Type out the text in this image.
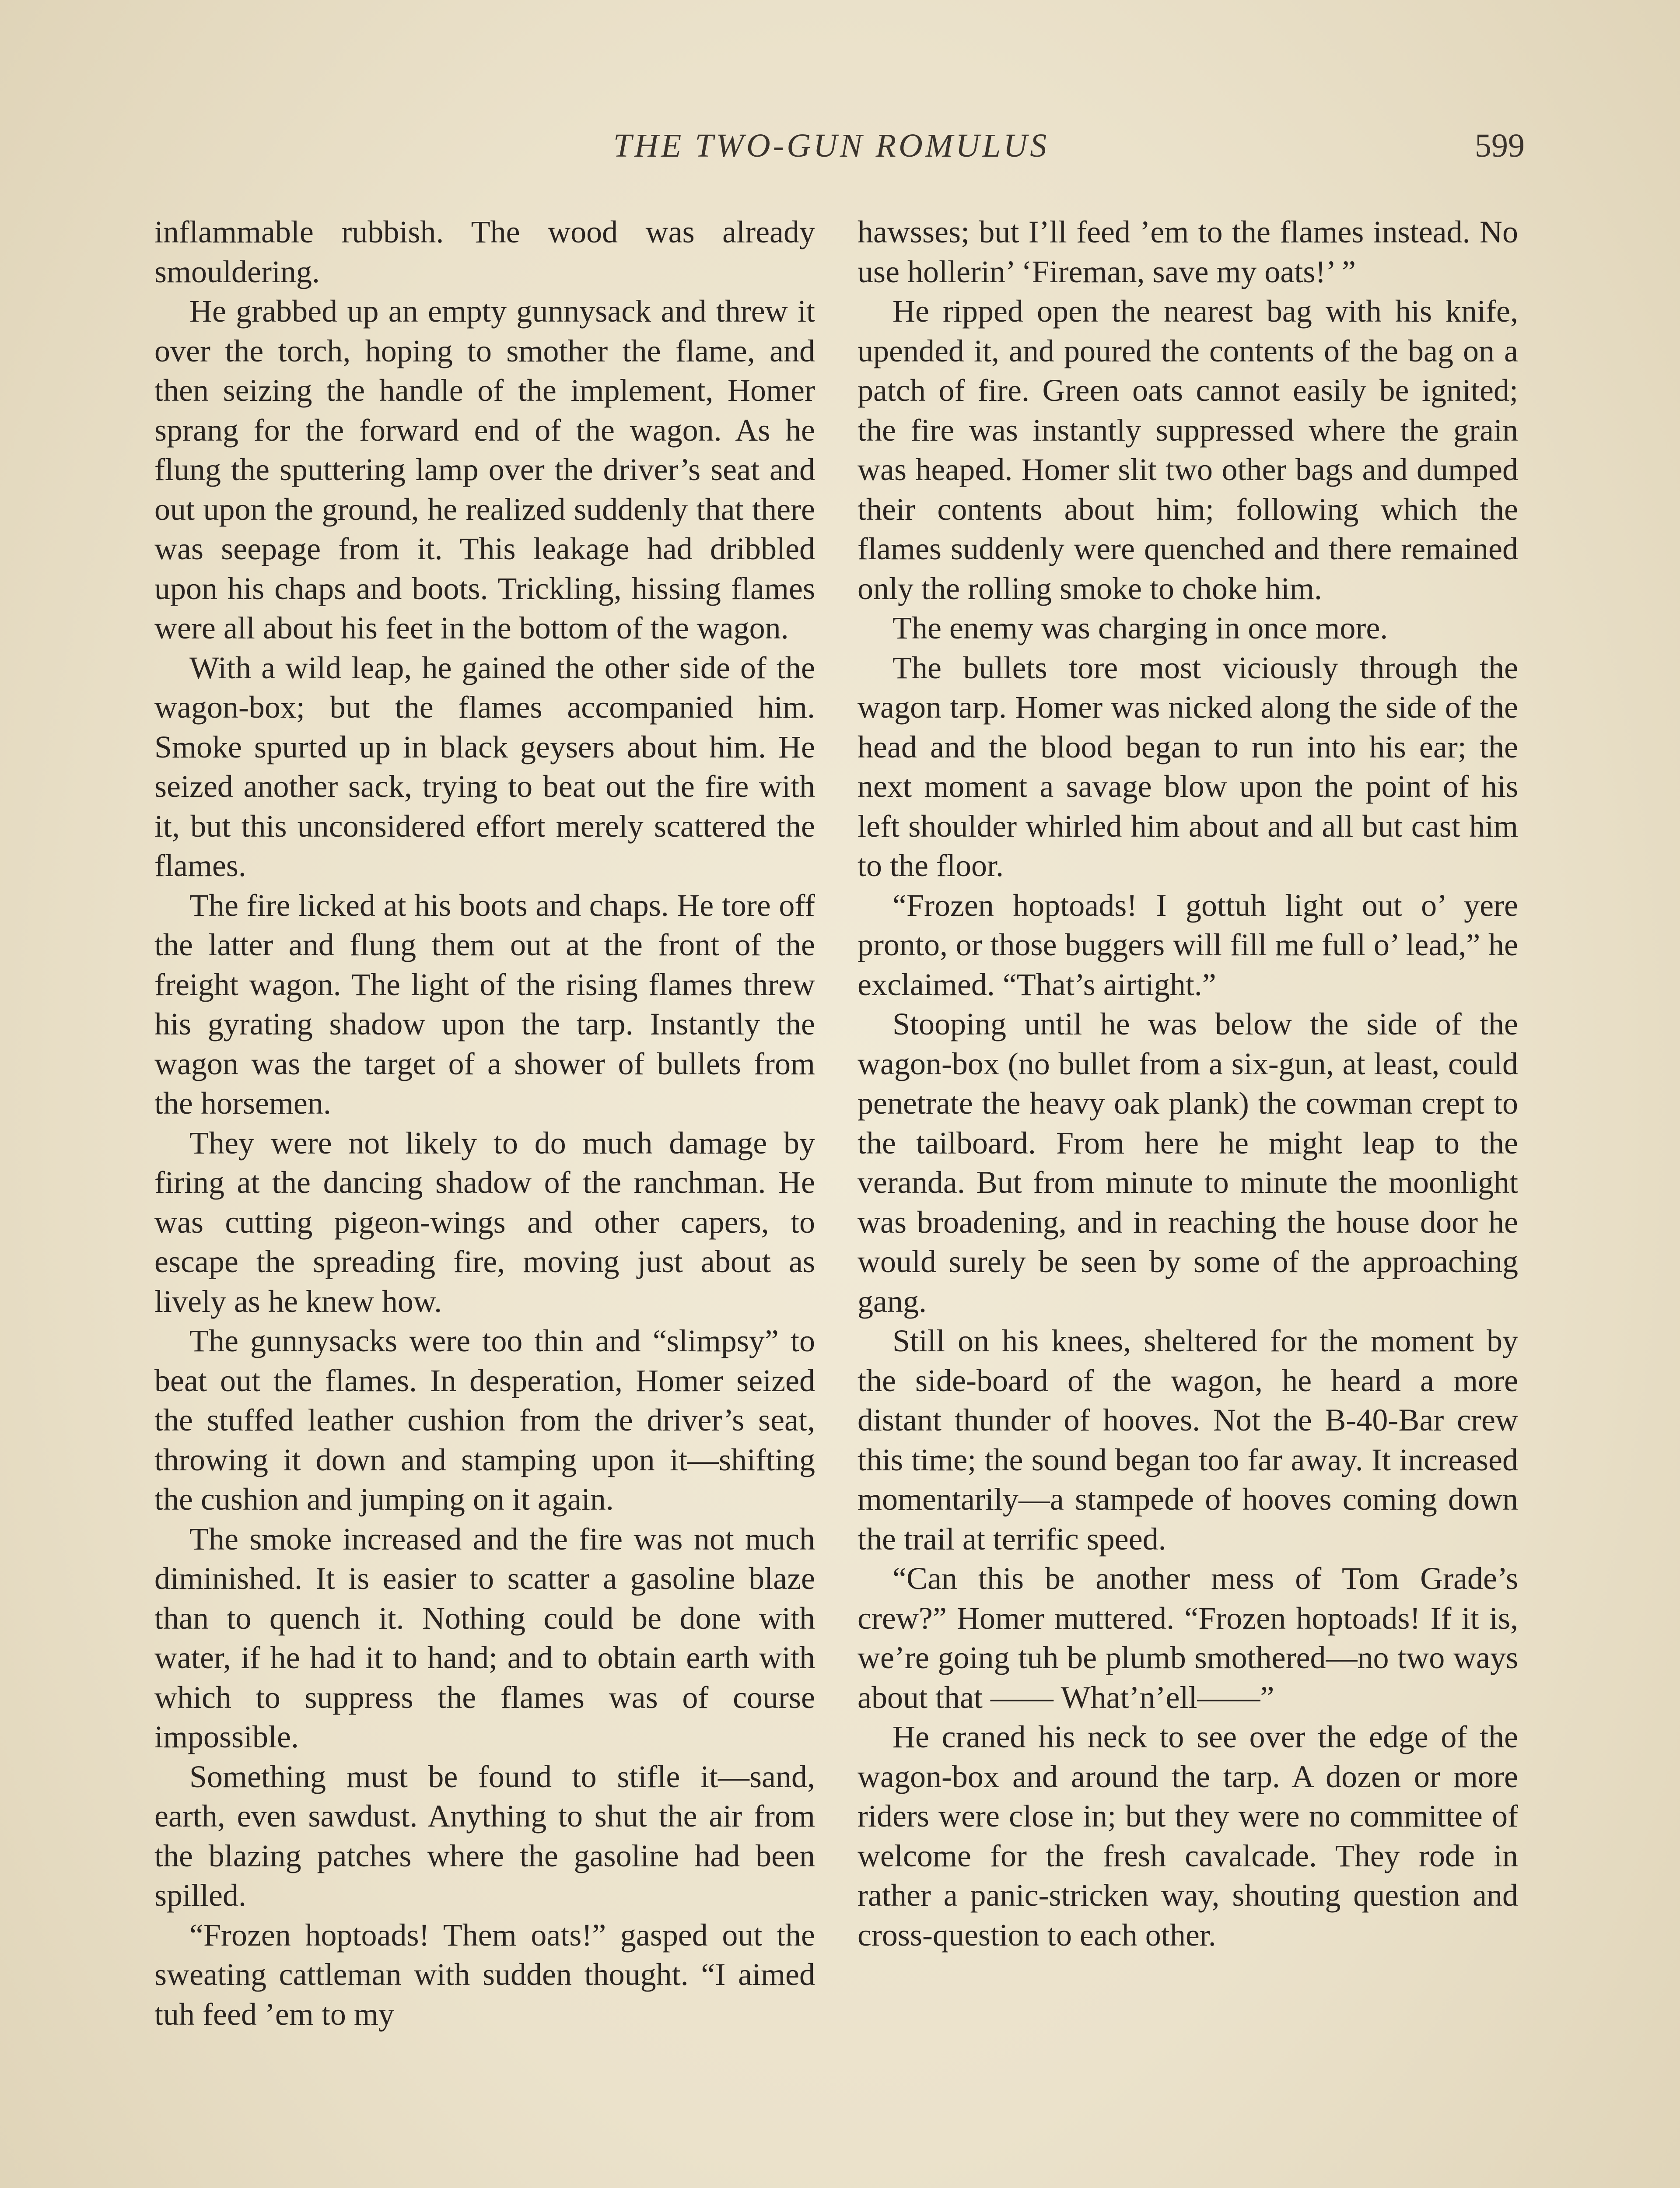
THE TWO-GUN ROMULUS	599

inflammable rubbish. The wood was already smouldering.

He grabbed up an empty gunnysack and threw it over the torch, hoping to smother the flame, and then seizing the handle of the implement, Homer sprang for the forward end of the wagon. As he flung the sputtering lamp over the driver’s seat and out upon the ground, he realized suddenly that there was seepage from it. This leakage had dribbled upon his chaps and boots. Trickling, hissing flames were all about his feet in the bottom of the wagon.

With a wild leap, he gained the other side of the wagon-box; but the flames accompanied him. Smoke spurted up in black geysers about him. He seized another sack, trying to beat out the fire with it, but this unconsidered effort merely scattered the flames.

The fire licked at his boots and chaps. He tore off the latter and flung them out at the front of the freight wagon. The light of the rising flames threw his gyrating shadow upon the tarp. Instantly the wagon was the target of a shower of bullets from the horsemen.

They were not likely to do much damage by firing at the dancing shadow of the ranchman. He was cutting pigeon-wings and other capers, to escape the spreading fire, moving just about as lively as he knew how.

The gunnysacks were too thin and “slimpsy” to beat out the flames. In desperation, Homer seized the stuffed leather cushion from the driver’s seat, throwing it down and stamping upon it—shifting the cushion and jumping on it again.

The smoke increased and the fire was not much diminished. It is easier to scatter a gasoline blaze than to quench it. Nothing could be done with water, if he had it to hand; and to obtain earth with which to suppress the flames was of course impossible.

Something must be found to stifle it—sand, earth, even sawdust. Anything to shut the air from the blazing patches where the gasoline had been spilled.

“Frozen hoptoads! Them oats!” gasped out the sweating cattleman with sudden thought. “I aimed tuh feed ’em to my

hawsses; but I’ll feed ’em to the flames instead. No use hollerin’ ‘Fireman, save my oats!’ ”

He ripped open the nearest bag with his knife, upended it, and poured the contents of the bag on a patch of fire. Green oats cannot easily be ignited; the fire was instantly suppressed where the grain was heaped. Homer slit two other bags and dumped their contents about him; following which the flames suddenly were quenched and there remained only the rolling smoke to choke him.

The enemy was charging in once more.

The bullets tore most viciously through the wagon tarp. Homer was nicked along the side of the head and the blood began to run into his ear; the next moment a savage blow upon the point of his left shoulder whirled him about and all but cast him to the floor.

“Frozen hoptoads! I gottuh light out o’ yere pronto, or those buggers will fill me full o’ lead,” he exclaimed. “That’s airtight.”

Stooping until he was below the side of the wagon-box (no bullet from a six-gun, at least, could penetrate the heavy oak plank) the cowman crept to the tailboard. From here he might leap to the veranda. But from minute to minute the moonlight was broadening, and in reaching the house door he would surely be seen by some of the approaching gang.

Still on his knees, sheltered for the moment by the side-board of the wagon, he heard a more distant thunder of hooves. Not the B-40-Bar crew this time; the sound began too far away. It increased momentarily—a stampede of hooves coming down the trail at terrific speed.

“Can this be another mess of Tom Grade’s crew?” Homer muttered. “Frozen hoptoads! If it is, we’re going tuh be plumb smothered—no two ways about that —— What’n’ell——”

He craned his neck to see over the edge of the wagon-box and around the tarp. A dozen or more riders were close in; but they were no committee of welcome for the fresh cavalcade. They rode in rather a panic-stricken way, shouting question and cross-question to each other.
